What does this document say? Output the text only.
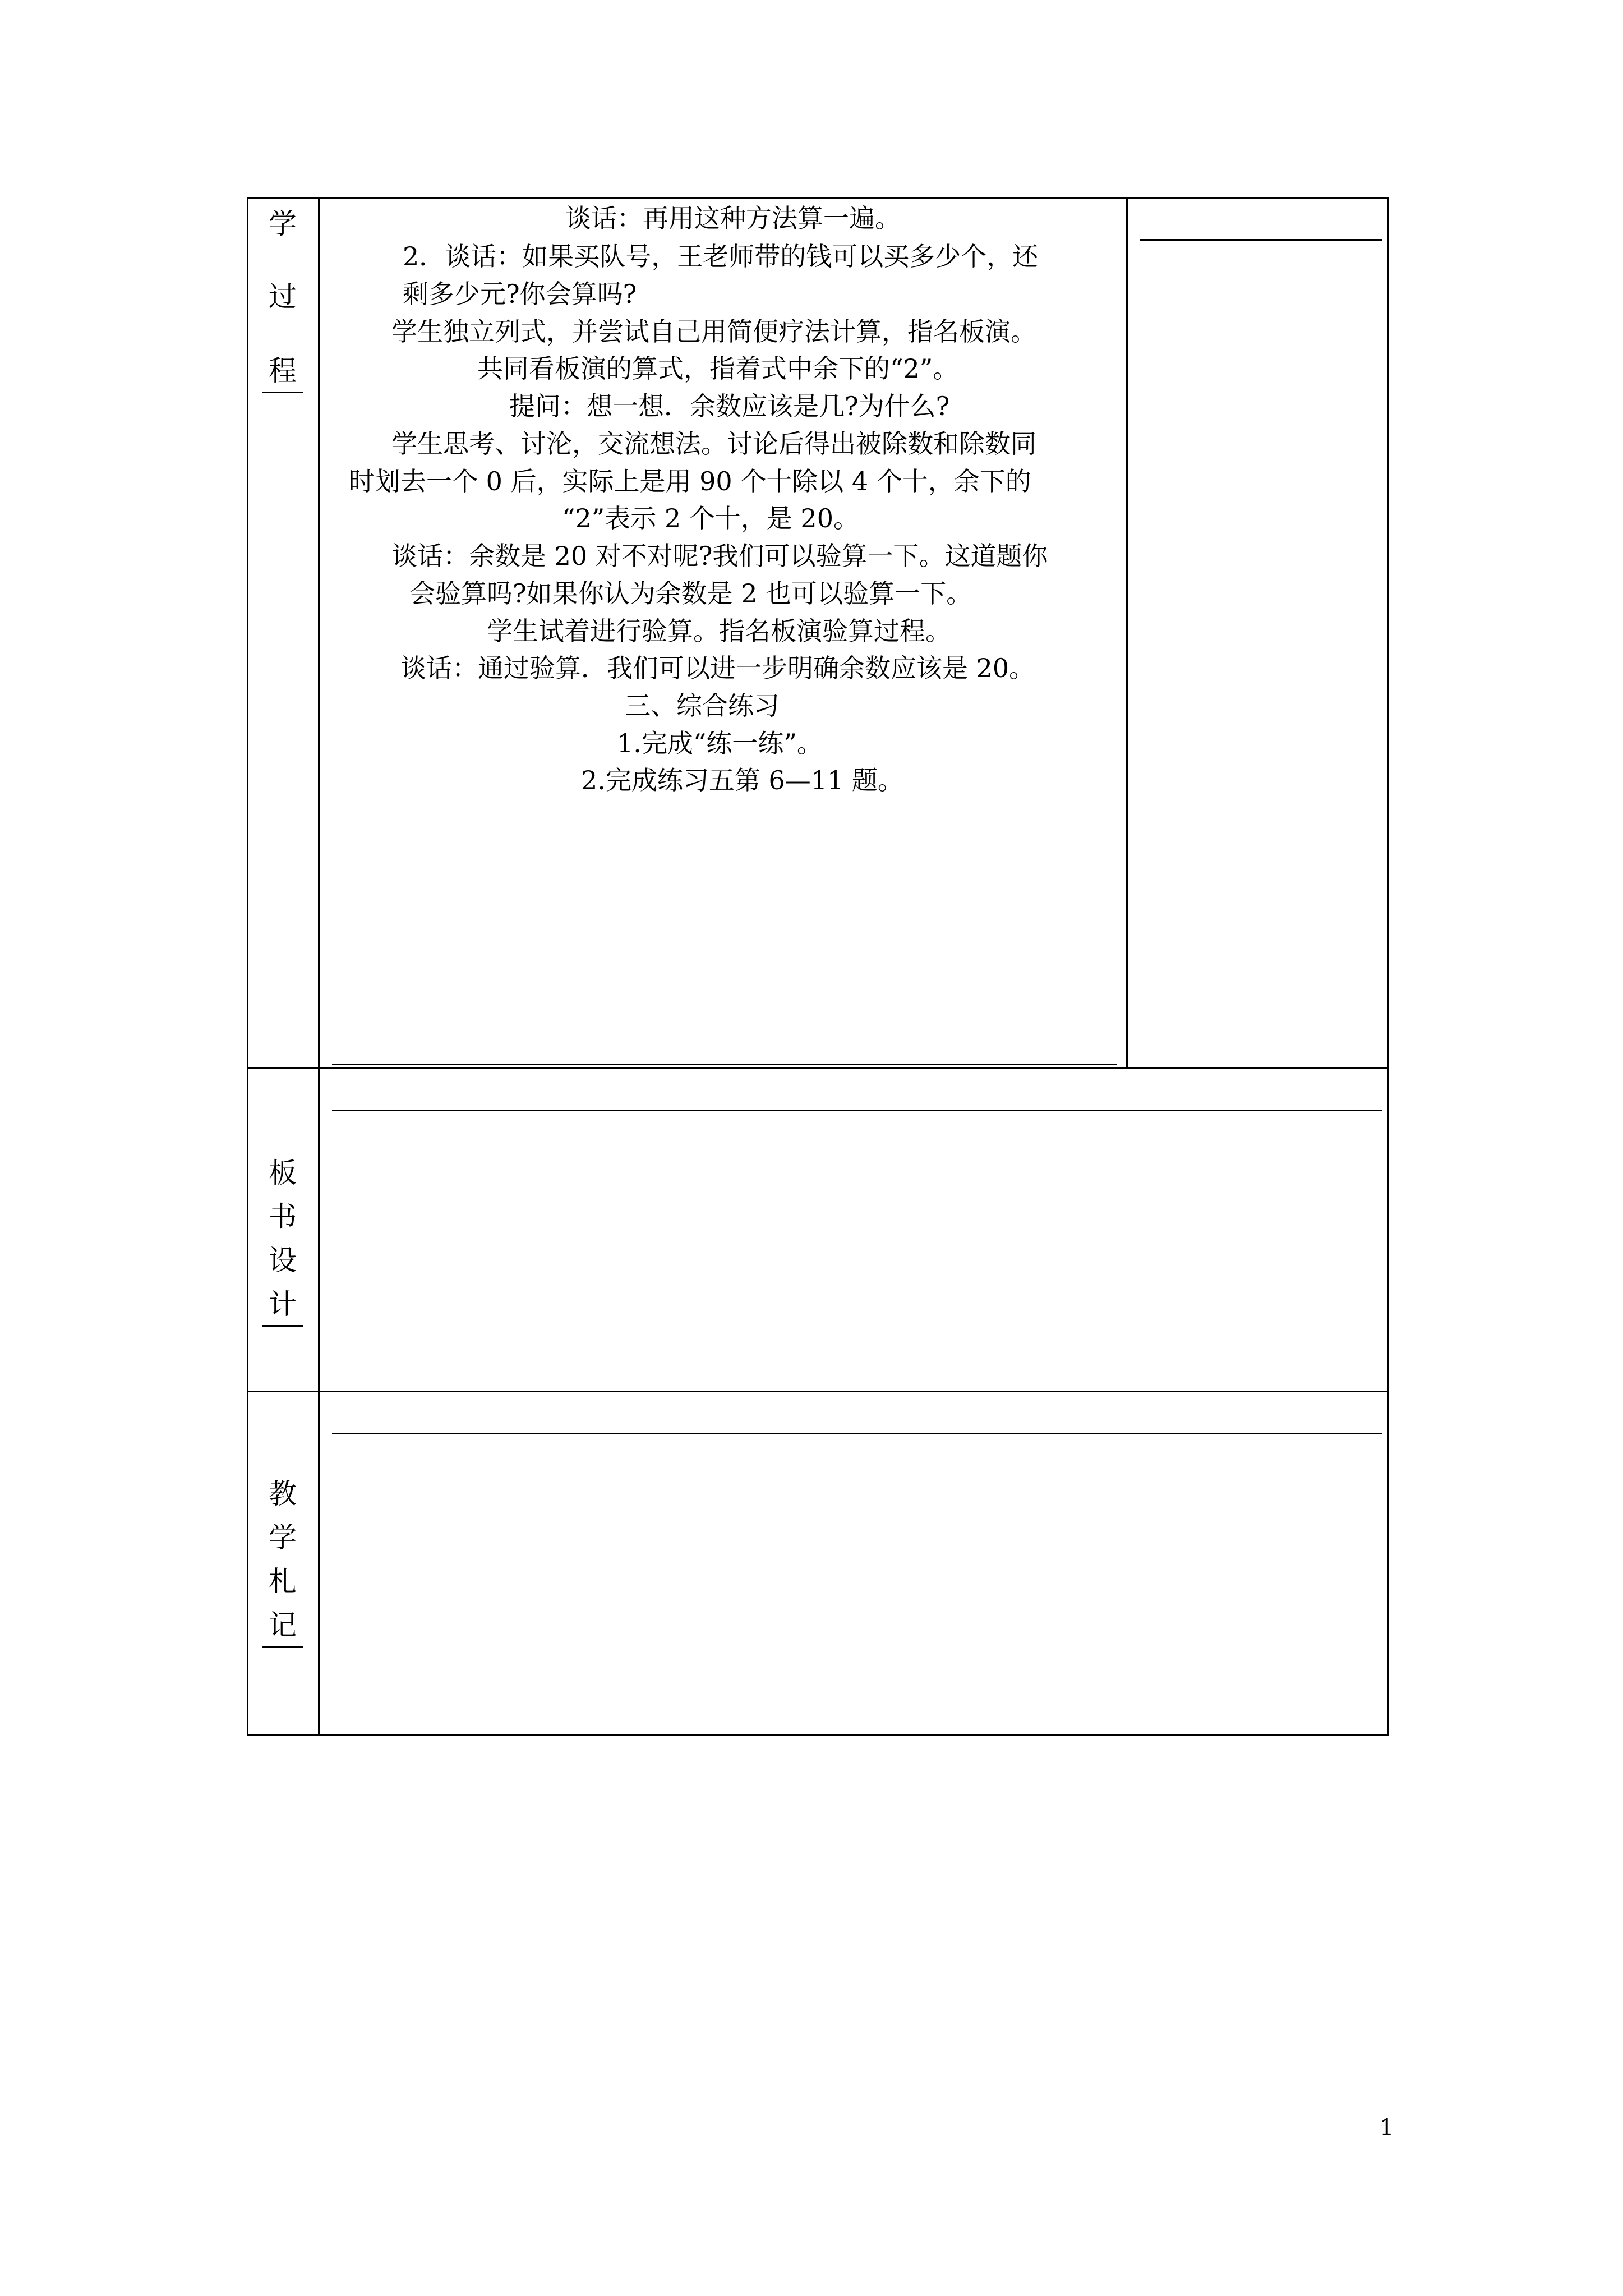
学
过
程
谈话：再用这种方法算一遍。
2．谈话：如果买队号，王老师带的钱可以买多少个，还
剩多少元?你会算吗?
学生独立列式，并尝试自己用简便疗法计算，指名板演。
共同看板演的算式，指着式中余下的“2”。
提问：想一想．余数应该是几?为什么?
学生思考、讨沦，交流想法。讨论后得出被除数和除数同
时划去一个 0 后，实际上是用 90 个十除以 4 个十，余下的
“2”表示 2 个十，是 20。
谈话：余数是 20 对不对呢?我们可以验算一下。这道题你
会验算吗?如果你认为余数是 2 也可以验算一下。
学生试着进行验算。指名板演验算过程。
谈话：通过验算．我们可以进一步明确余数应该是 20。
三、综合练习
1.完成“练一练”。
2.完成练习五第 6—11 题。
板
书
设
计
教
学
札
记
1
